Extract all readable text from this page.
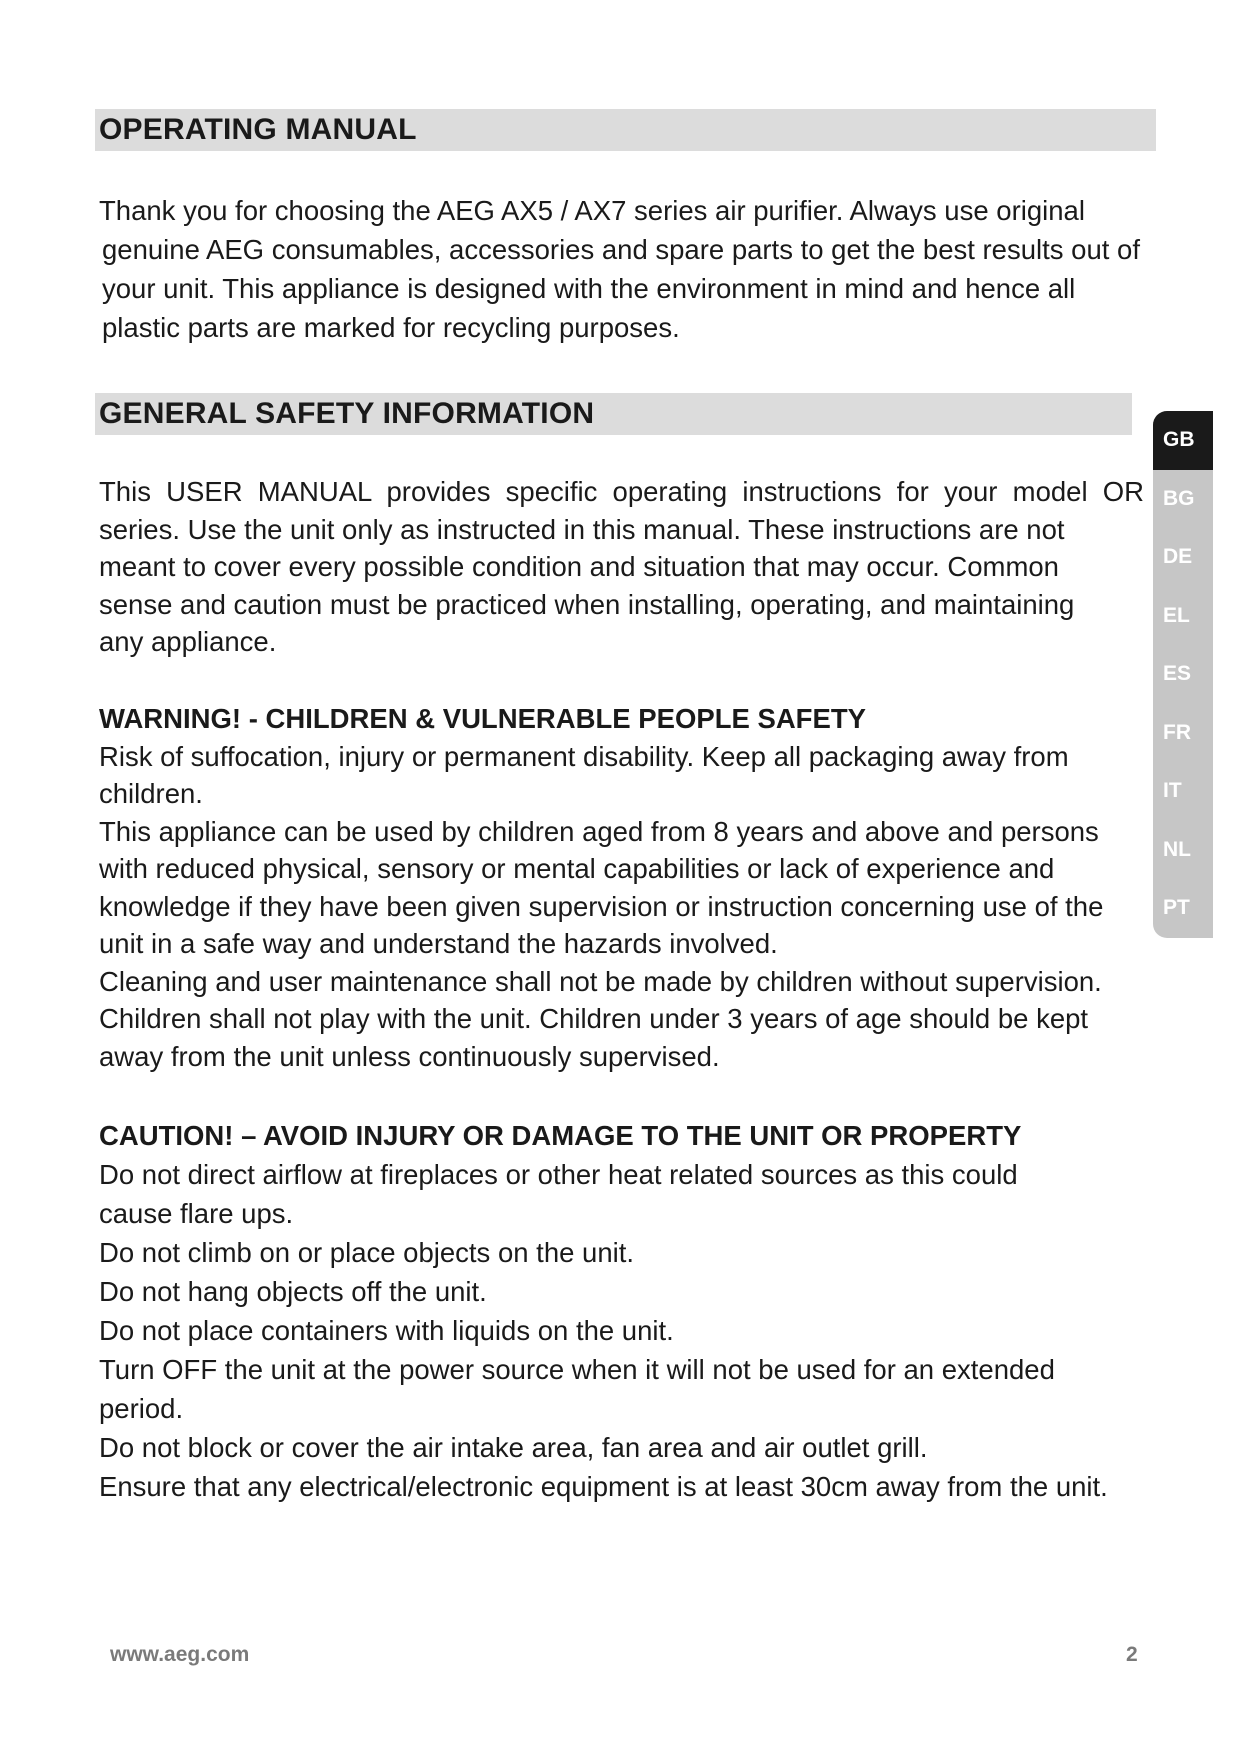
OPERATING MANUAL
Thank you for choosing the AEG AX5 / AX7 series air purifier. Always use original
genuine AEG consumables, accessories and spare parts to get the best results out of
your unit. This appliance is designed with the environment in mind and hence all
plastic parts are marked for recycling purposes.
GENERAL SAFETY INFORMATION
This USER MANUAL provides specific operating instructions for your model OR
series. Use the unit only as instructed in this manual. These instructions are not
meant to cover every possible condition and situation that may occur. Common
sense and caution must be practiced when installing, operating, and maintaining
any appliance.
WARNING! - CHILDREN & VULNERABLE PEOPLE SAFETY
Risk of suffocation, injury or permanent disability. Keep all packaging away from
children.
This appliance can be used by children aged from 8 years and above and persons
with reduced physical, sensory or mental capabilities or lack of experience and
knowledge if they have been given supervision or instruction concerning use of the
unit in a safe way and understand the hazards involved.
Cleaning and user maintenance shall not be made by children without supervision.
Children shall not play with the unit. Children under 3 years of age should be kept
away from the unit unless continuously supervised.
CAUTION! – AVOID INJURY OR DAMAGE TO THE UNIT OR PROPERTY
Do not direct airflow at fireplaces or other heat related sources as this could
cause flare ups.
Do not climb on or place objects on the unit.
Do not hang objects off the unit.
Do not place containers with liquids on the unit.
Turn OFF the unit at the power source when it will not be used for an extended
period.
Do not block or cover the air intake area, fan area and air outlet grill.
Ensure that any electrical/electronic equipment is at least 30cm away from the unit.
GB
BG
DE
EL
ES
FR
IT
NL
PT
www.aeg.com	2
